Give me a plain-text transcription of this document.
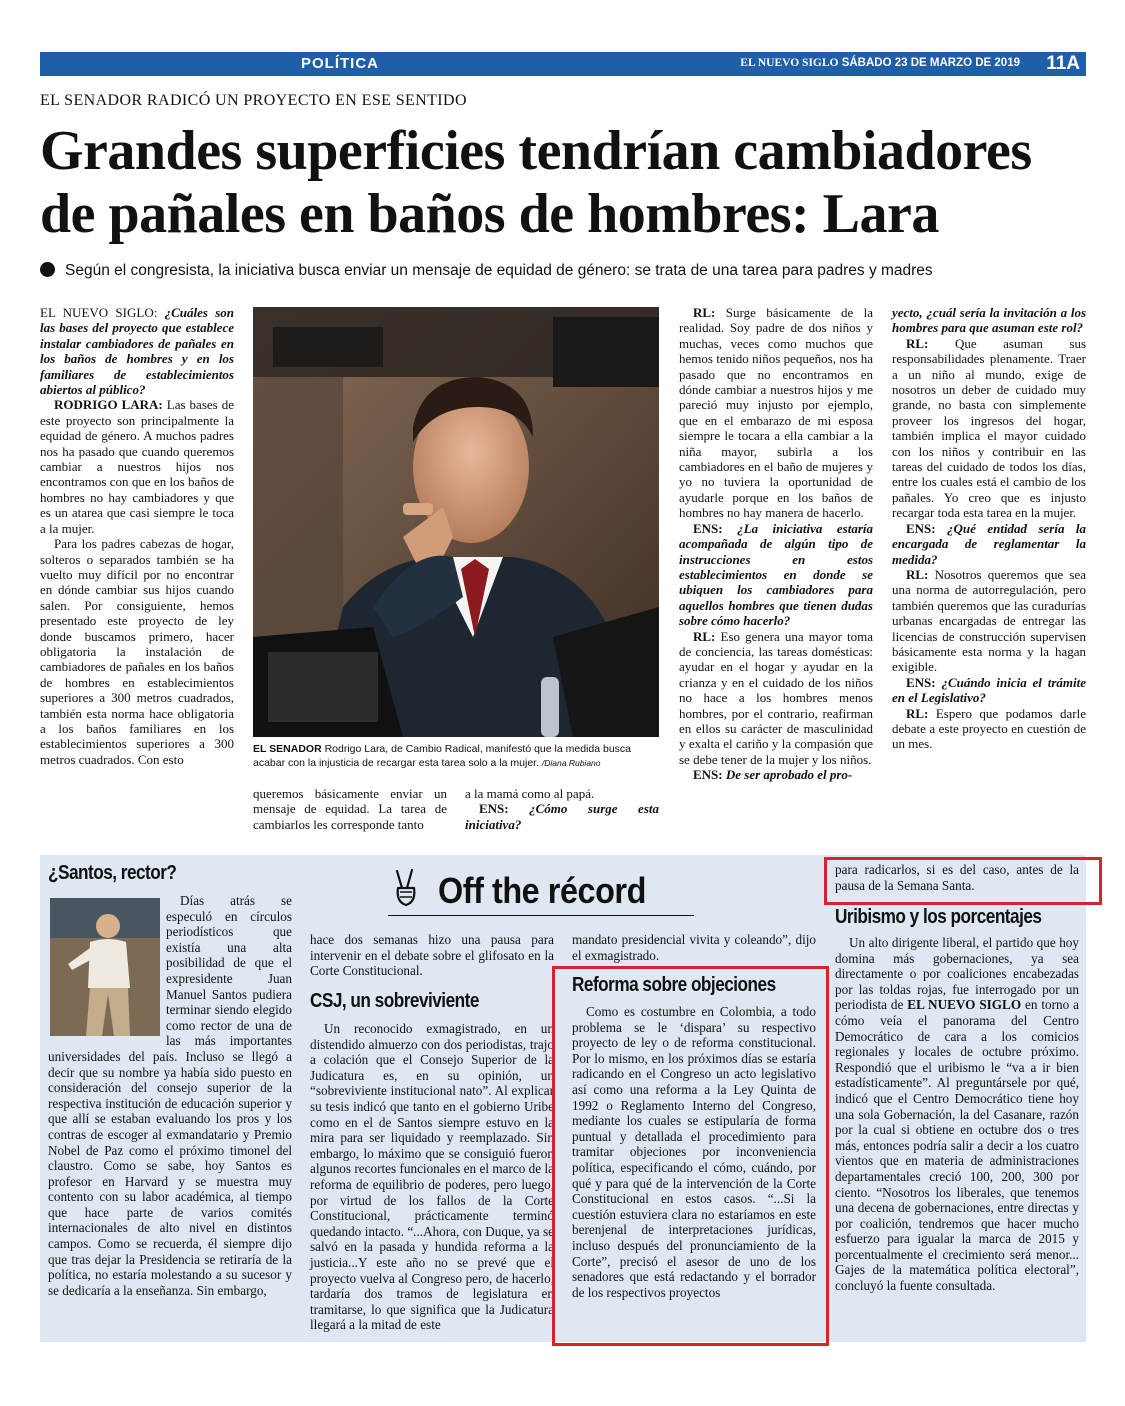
POLÍTICA	EL NUEVO SIGLO SÁBADO 23 DE MARZO DE 2019 11A
EL SENADOR RADICÓ UN PROYECTO EN ESE SENTIDO
Grandes superficies tendrían cambiadores de pañales en baños de hombres: Lara
Según el congresista, la iniciativa busca enviar un mensaje de equidad de género: se trata de una tarea para padres y madres

EL NUEVO SIGLO: ¿Cuáles son las bases del proyecto que establece instalar cambiadores de pañales en los baños de hombres y en los familiares de establecimientos abiertos al público?

RODRIGO LARA: Las bases de este proyecto son principalmente la equidad de género. A muchos padres nos ha pasado que cuando queremos cambiar a nuestros hijos nos encontramos con que en los baños de hombres no hay cambiadores y que es un atarea que casi siempre le toca a la mujer.

Para los padres cabezas de hogar, solteros o separados también se ha vuelto muy difícil por no encontrar en dónde cambiar sus hijos cuando salen. Por consiguiente, hemos presentado este proyecto de ley donde buscamos primero, hacer obligatoria la instalación de cambiadores de pañales en los baños de hombres en establecimientos superiores a 300 metros cuadrados, también esta norma hace obligatoria a los baños familiares en los establecimientos superiores a 300 metros cuadrados. Con esto

EL SENADOR Rodrigo Lara, de Cambio Radical, manifestó que la medida busca acabar con la injusticia de recargar esta tarea solo a la mujer. /Diana Rubiano

queremos básicamente enviar un mensaje de equidad. La tarea de cambiarlos les corresponde tanto

a la mamá como al papá.

ENS: ¿Cómo surge esta iniciativa?

RL: Surge básicamente de la realidad. Soy padre de dos niños y muchas, veces como muchos que hemos tenido niños pequeños, nos ha pasado que no encontramos en dónde cambiar a nuestros hijos y me pareció muy injusto por ejemplo, que en el embarazo de mi esposa siempre le tocara a ella cambiar a la niña mayor, subirla a los cambiadores en el baño de mujeres y yo no tuviera la oportunidad de ayudarle porque en los baños de hombres no hay manera de hacerlo.

ENS: ¿La iniciativa estaría acompañada de algún tipo de instrucciones en estos establecimientos en donde se ubiquen los cambiadores para aquellos hombres que tienen dudas sobre cómo hacerlo?

RL: Eso genera una mayor toma de conciencia, las tareas domésticas: ayudar en el hogar y ayudar en la crianza y en el cuidado de los niños no hace a los hombres menos hombres, por el contrario, reafirman en ellos su carácter de masculinidad y exalta el cariño y la compasión que se debe tener de la mujer y los niños.

ENS: De ser aprobado el pro-

yecto, ¿cuál sería la invitación a los hombres para que asuman este rol?

RL: Que asuman sus responsabilidades plenamente. Traer a un niño al mundo, exige de nosotros un deber de cuidado muy grande, no basta con simplemente proveer los ingresos del hogar, también implica el mayor cuidado con los niños y contribuir en las tareas del cuidado de todos los días, entre los cuales está el cambio de los pañales. Yo creo que es injusto recargar toda esta tarea en la mujer.

ENS: ¿Qué entidad sería la encargada de reglamentar la medida?

RL: Nosotros queremos que sea una norma de autorregulación, pero también queremos que las curadurías urbanas encargadas de entregar las licencias de construcción supervisen básicamente esta norma y la hagan exigible.

ENS: ¿Cuándo inicia el trámite en el Legislativo?

RL: Espero que podamos darle debate a este proyecto en cuestión de un mes.

Off the récord
¿Santos, rector?

Días atrás se especuló en círculos periodísticos que existía una alta posibilidad de que el expresidente Juan Manuel Santos pudiera terminar siendo elegido como rector de una de las más importantes universidades del país. Incluso se llegó a decir que su nombre ya había sido puesto en consideración del consejo superior de la respectiva institución de educación superior y que allí se estaban evaluando los pros y los contras de escoger al exmandatario y Premio Nobel de Paz como el próximo timonel del claustro. Como se sabe, hoy Santos es profesor en Harvard y se muestra muy contento con su labor académica, al tiempo que hace parte de varios comités internacionales de alto nivel en distintos campos. Como se recuerda, él siempre dijo que tras dejar la Presidencia se retiraría de la política, no estaría molestando a su sucesor y se dedicaría a la enseñanza. Sin embargo,

hace dos semanas hizo una pausa para intervenir en el debate sobre el glifosato en la Corte Constitucional.

CSJ, un sobreviviente

Un reconocido exmagistrado, en un distendido almuerzo con dos periodistas, trajo a colación que el Consejo Superior de la Judicatura es, en su opinión, un “sobreviviente institucional nato”. Al explicar su tesis indicó que tanto en el gobierno Uribe como en el de Santos siempre estuvo en la mira para ser liquidado y reemplazado. Sin embargo, lo máximo que se consiguió fueron algunos recortes funcionales en el marco de la reforma de equilibrio de poderes, pero luego, por virtud de los fallos de la Corte Constitucional, prácticamente terminó quedando intacto. “...Ahora, con Duque, ya se salvó en la pasada y hundida reforma a la justicia...Y este año no se prevé que el proyecto vuelva al Congreso pero, de hacerlo, tardaría dos tramos de legislatura en tramitarse, lo que significa que la Judicatura llegará a la mitad de este

mandato presidencial vivita y coleando”, dijo el exmagistrado.

Reforma sobre objeciones

Como es costumbre en Colombia, a todo problema se le ‘dispara’ su respectivo proyecto de ley o de reforma constitucional. Por lo mismo, en los próximos días se estaría radicando en el Congreso un acto legislativo así como una reforma a la Ley Quinta de 1992 o Reglamento Interno del Congreso, mediante los cuales se estipularía de forma puntual y detallada el procedimiento para tramitar objeciones por inconveniencia política, especificando el cómo, cuándo, por qué y para qué de la intervención de la Corte Constitucional en estos casos. “...Si la cuestión estuviera clara no estaríamos en este berenjenal de interpretaciones jurídicas, incluso después del pronunciamiento de la Corte”, precisó el asesor de uno de los senadores que está redactando y el borrador de los respectivos proyectos

para radicarlos, si es del caso, antes de la pausa de la Semana Santa.

Uribismo y los porcentajes

Un alto dirigente liberal, el partido que hoy domina más gobernaciones, ya sea directamente o por coaliciones encabezadas por las toldas rojas, fue interrogado por un periodista de EL NUEVO SIGLO en torno a cómo veía el panorama del Centro Democrático de cara a los comicios regionales y locales de octubre próximo. Respondió que el uribismo le “va a ir bien estadísticamente”. Al preguntársele por qué, indicó que el Centro Democrático tiene hoy una sola Gobernación, la del Casanare, razón por la cual si obtiene en octubre dos o tres más, entonces podría salir a decir a los cuatro vientos que en materia de administraciones departamentales creció 100, 200, 300 por ciento. “Nosotros los liberales, que tenemos una decena de gobernaciones, entre directas y por coalición, tendremos que hacer mucho esfuerzo para igualar la marca de 2015 y porcentualmente el crecimiento será menor... Gajes de la matemática política electoral”, concluyó la fuente consultada.
